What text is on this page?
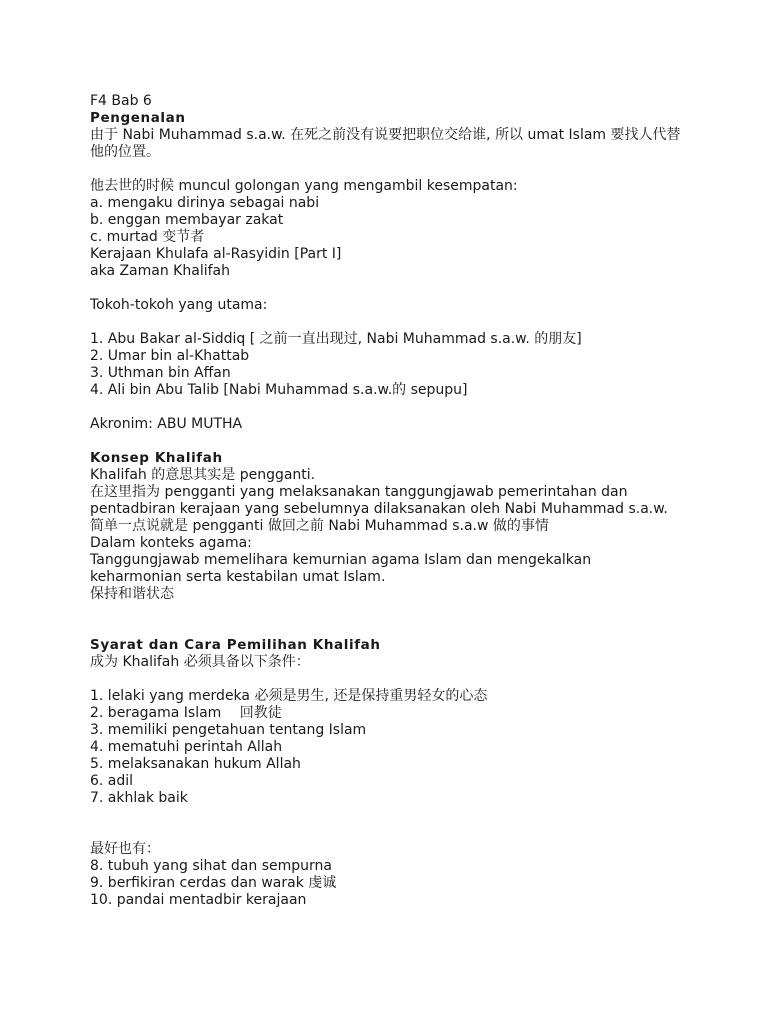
F4 Bab 6
Pengenalan
由于 Nabi Muhammad s.a.w. 在死之前没有说要把职位交给谁, 所以 umat Islam 要找人代替
他的位置。
他去世的时候 muncul golongan yang mengambil kesempatan:
a. mengaku dirinya sebagai nabi
b. enggan membayar zakat
c. murtad 变节者
Kerajaan Khulafa al-Rasyidin [Part I]
aka Zaman Khalifah
Tokoh-tokoh yang utama:
1. Abu Bakar al-Siddiq [ 之前一直出现过, Nabi Muhammad s.a.w. 的朋友]
2. Umar bin al-Khattab
3. Uthman bin Affan
4. Ali bin Abu Talib [Nabi Muhammad s.a.w.的 sepupu]
Akronim: ABU MUTHA
Konsep Khalifah
Khalifah 的意思其实是 pengganti.
在这里指为 pengganti yang melaksanakan tanggungjawab pemerintahan dan
pentadbiran kerajaan yang sebelumnya dilaksanakan oleh Nabi Muhammad s.a.w.
简单一点说就是 pengganti 做回之前 Nabi Muhammad s.a.w 做的事情
Dalam konteks agama:
Tanggungjawab memelihara kemurnian agama Islam dan mengekalkan
keharmonian serta kestabilan umat Islam.
保持和谐状态
Syarat dan Cara Pemilihan Khalifah
成为 Khalifah 必须具备以下条件：
1. lelaki yang merdeka 必须是男生, 还是保持重男轻女的心态
2. beragama Islam　 回教徒
3. memiliki pengetahuan tentang Islam
4. mematuhi perintah Allah
5. melaksanakan hukum Allah
6. adil
7. akhlak baik
最好也有：
8. tubuh yang sihat dan sempurna
9. berfikiran cerdas dan warak 虔诚
10. pandai mentadbir kerajaan
